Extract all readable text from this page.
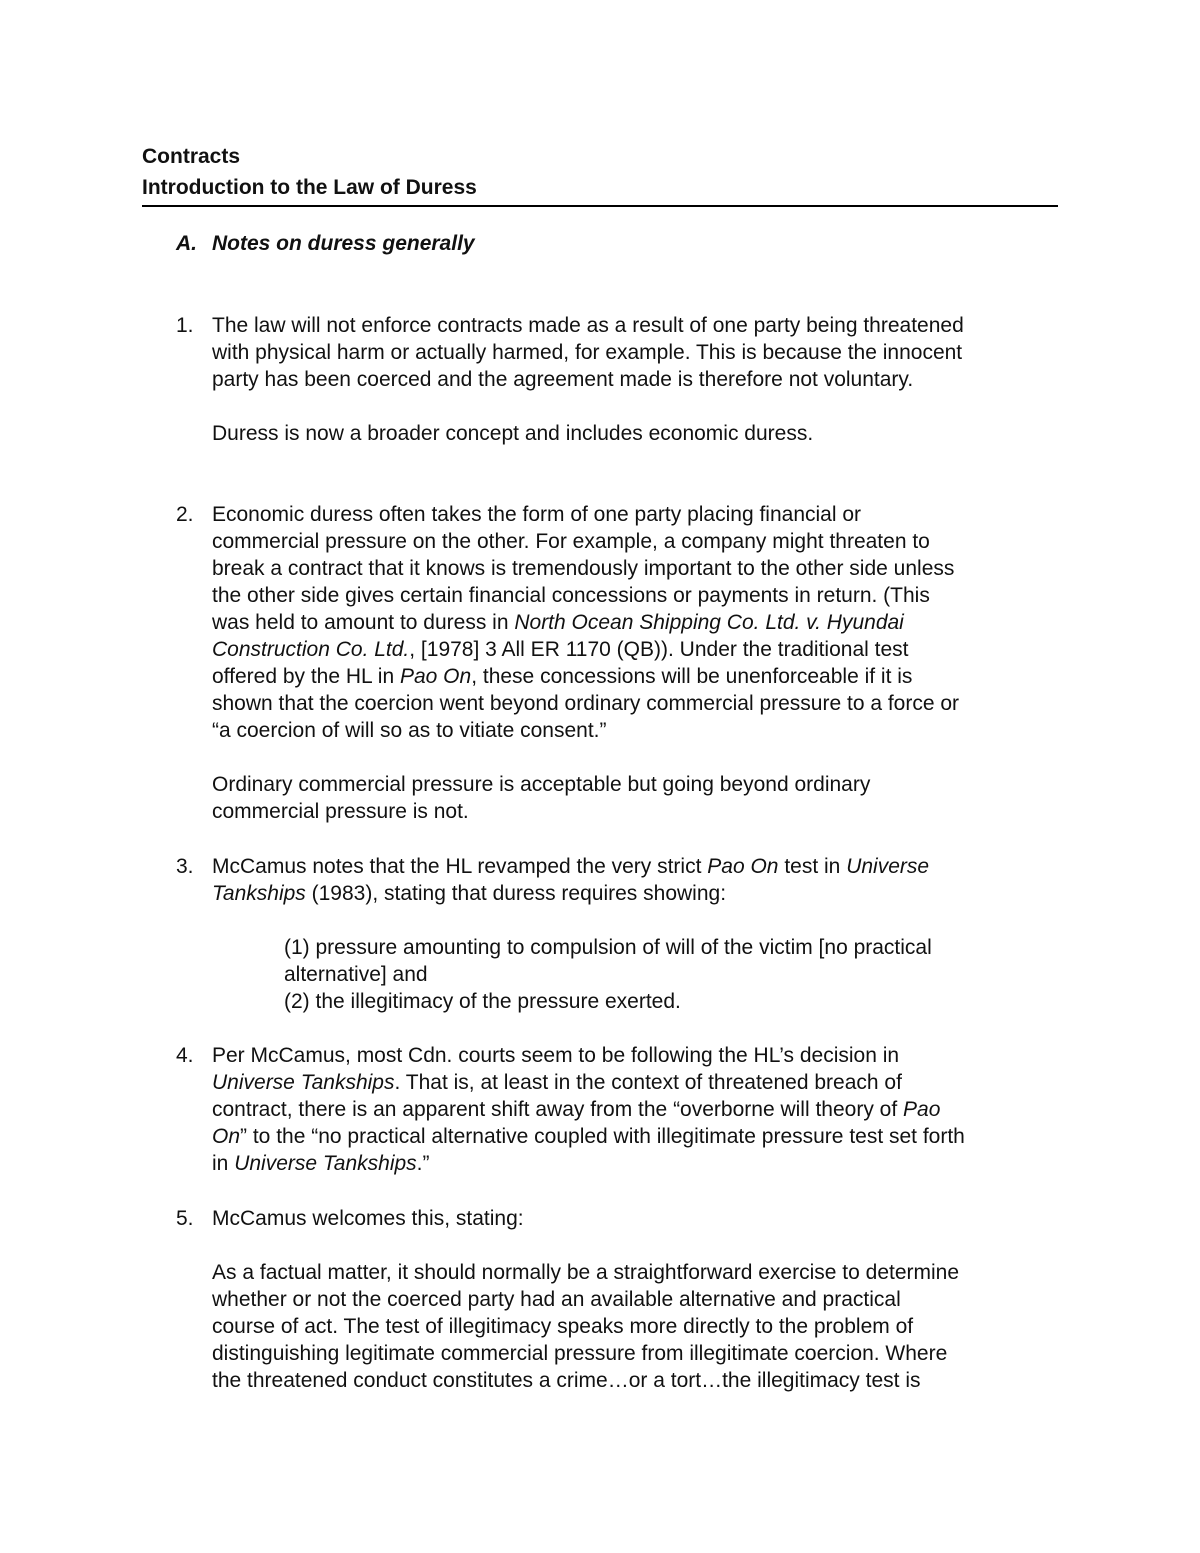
Contracts
Introduction to the Law of Duress
A. Notes on duress generally
1. The law will not enforce contracts made as a result of one party being threatened
with physical harm or actually harmed, for example. This is because the innocent
party has been coerced and the agreement made is therefore not voluntary.

Duress is now a broader concept and includes economic duress.

2. Economic duress often takes the form of one party placing financial or
commercial pressure on the other. For example, a company might threaten to
break a contract that it knows is tremendously important to the other side unless
the other side gives certain financial concessions or payments in return. (This
was held to amount to duress in North Ocean Shipping Co. Ltd. v. Hyundai
Construction Co. Ltd., [1978] 3 All ER 1170 (QB)). Under the traditional test
offered by the HL in Pao On, these concessions will be unenforceable if it is
shown that the coercion went beyond ordinary commercial pressure to a force or
“a coercion of will so as to vitiate consent.”

Ordinary commercial pressure is acceptable but going beyond ordinary
commercial pressure is not.

3. McCamus notes that the HL revamped the very strict Pao On test in Universe
Tankships (1983), stating that duress requires showing:

(1) pressure amounting to compulsion of will of the victim [no practical
alternative] and
(2) the illegitimacy of the pressure exerted.
4. Per McCamus, most Cdn. courts seem to be following the HL’s decision in
Universe Tankships. That is, at least in the context of threatened breach of
contract, there is an apparent shift away from the “overborne will theory of Pao
On” to the “no practical alternative coupled with illegitimate pressure test set forth
in Universe Tankships.”

5. McCamus welcomes this, stating:

As a factual matter, it should normally be a straightforward exercise to determine
whether or not the coerced party had an available alternative and practical
course of act. The test of illegitimacy speaks more directly to the problem of
distinguishing legitimate commercial pressure from illegitimate coercion. Where
the threatened conduct constitutes a crime…or a tort…the illegitimacy test is
